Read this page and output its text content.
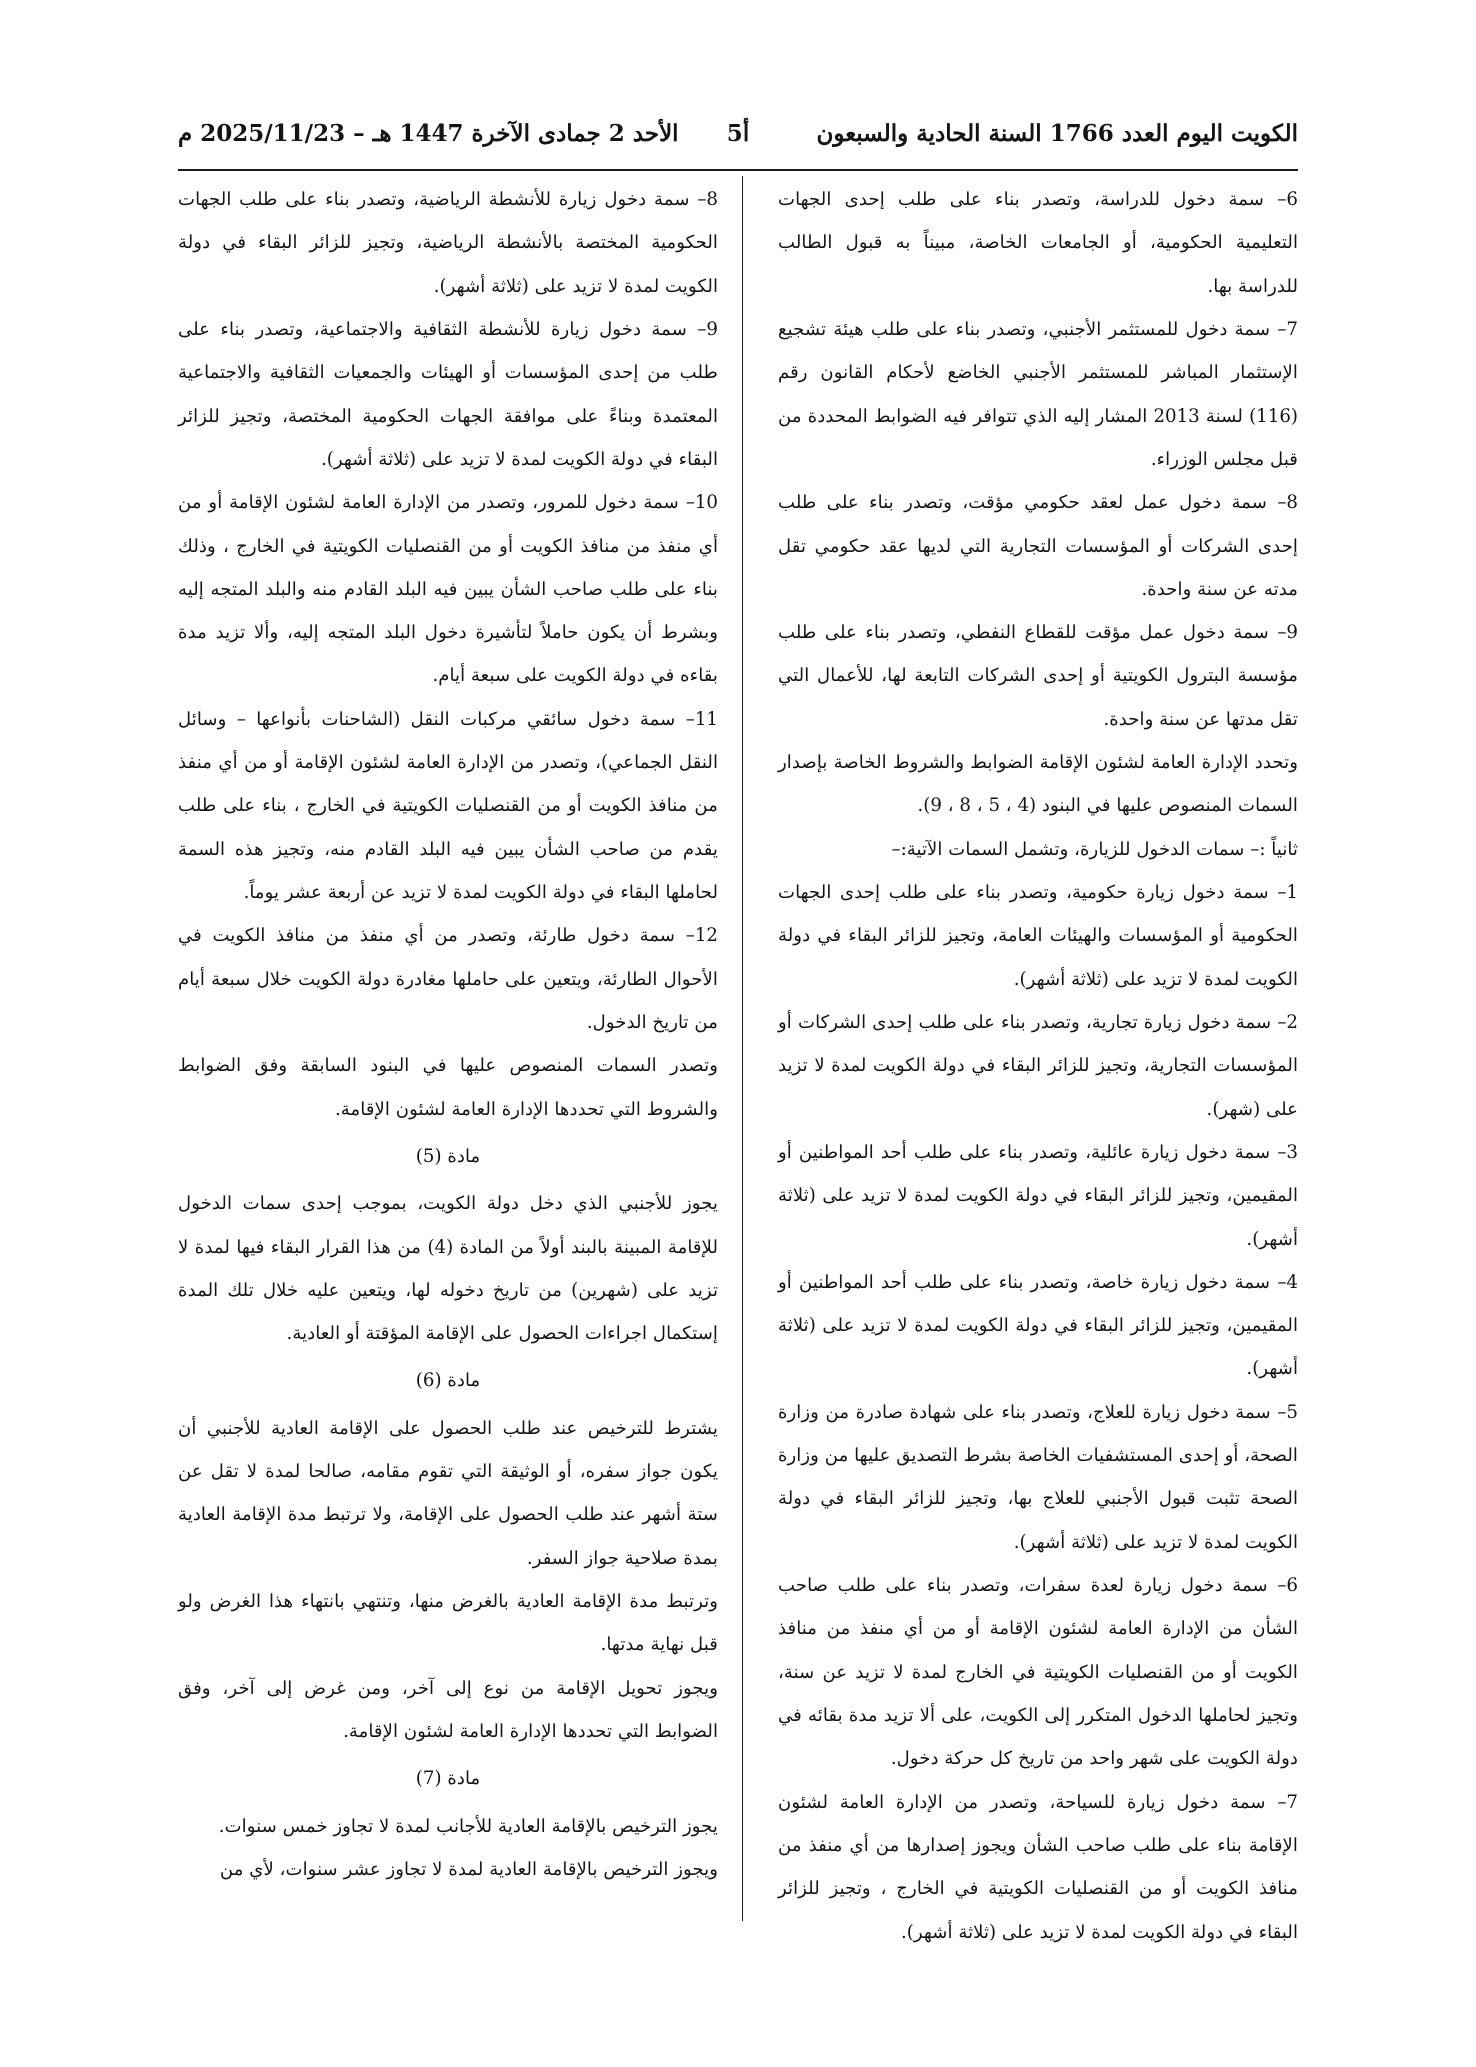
الكويت اليوم العدد 1766 السنة الحادية والسبعون
أ5
الأحد 2 جمادى الآخرة 1447 هـ – 2025/11/23 م

6– سمة دخول للدراسة، وتصدر بناء على طلب إحدى الجهات التعليمية الحكومية، أو الجامعات الخاصة، مبيناً به قبول الطالب للدراسة بها.

7– سمة دخول للمستثمر الأجنبي، وتصدر بناء على طلب هيئة تشجيع الإستثمار المباشر للمستثمر الأجنبي الخاضع لأحكام القانون رقم (116) لسنة 2013 المشار إليه الذي تتوافر فيه الضوابط المحددة من قبل مجلس الوزراء.

8– سمة دخول عمل لعقد حكومي مؤقت، وتصدر بناء على طلب إحدى الشركات أو المؤسسات التجارية التي لديها عقد حكومي تقل مدته عن سنة واحدة.

9– سمة دخول عمل مؤقت للقطاع النفطي، وتصدر بناء على طلب مؤسسة البترول الكويتية أو إحدى الشركات التابعة لها، للأعمال التي تقل مدتها عن سنة واحدة.

وتحدد الإدارة العامة لشئون الإقامة الضوابط والشروط الخاصة بإصدار السمات المنصوص عليها في البنود (4 ، 5 ، 8 ، 9).

ثانياً :– سمات الدخول للزيارة، وتشمل السمات الآتية:–

1– سمة دخول زيارة حكومية، وتصدر بناء على طلب إحدى الجهات الحكومية أو المؤسسات والهيئات العامة، وتجيز للزائر البقاء في دولة الكويت لمدة لا تزيد على (ثلاثة أشهر).

2– سمة دخول زيارة تجارية، وتصدر بناء على طلب إحدى الشركات أو المؤسسات التجارية، وتجيز للزائر البقاء في دولة الكويت لمدة لا تزيد على (شهر).

3– سمة دخول زيارة عائلية، وتصدر بناء على طلب أحد المواطنين أو المقيمين، وتجيز للزائر البقاء في دولة الكويت لمدة لا تزيد على (ثلاثة أشهر).

4– سمة دخول زيارة خاصة، وتصدر بناء على طلب أحد المواطنين أو المقيمين، وتجيز للزائر البقاء في دولة الكويت لمدة لا تزيد على (ثلاثة أشهر).

5– سمة دخول زيارة للعلاج، وتصدر بناء على شهادة صادرة من وزارة الصحة، أو إحدى المستشفيات الخاصة بشرط التصديق عليها من وزارة الصحة تثبت قبول الأجنبي للعلاج بها، وتجيز للزائر البقاء في دولة الكويت لمدة لا تزيد على (ثلاثة أشهر).

6– سمة دخول زيارة لعدة سفرات، وتصدر بناء على طلب صاحب الشأن من الإدارة العامة لشئون الإقامة أو من أي منفذ من منافذ الكويت أو من القنصليات الكويتية في الخارج لمدة لا تزيد عن سنة، وتجيز لحاملها الدخول المتكرر إلى الكويت، على ألا تزيد مدة بقائه في دولة الكويت على شهر واحد من تاريخ كل حركة دخول.

7– سمة دخول زيارة للسياحة، وتصدر من الإدارة العامة لشئون الإقامة بناء على طلب صاحب الشأن ويجوز إصدارها من أي منفذ من منافذ الكويت أو من القنصليات الكويتية في الخارج ، وتجيز للزائر البقاء في دولة الكويت لمدة لا تزيد على (ثلاثة أشهر).

8– سمة دخول زيارة للأنشطة الرياضية، وتصدر بناء على طلب الجهات الحكومية المختصة بالأنشطة الرياضية، وتجيز للزائر البقاء في دولة الكويت لمدة لا تزيد على (ثلاثة أشهر).

9– سمة دخول زيارة للأنشطة الثقافية والاجتماعية، وتصدر بناء على طلب من إحدى المؤسسات أو الهيئات والجمعيات الثقافية والاجتماعية المعتمدة وبناءً على موافقة الجهات الحكومية المختصة، وتجيز للزائر البقاء في دولة الكويت لمدة لا تزيد على (ثلاثة أشهر).

10– سمة دخول للمرور، وتصدر من الإدارة العامة لشئون الإقامة أو من أي منفذ من منافذ الكويت أو من القنصليات الكويتية في الخارج ، وذلك بناء على طلب صاحب الشأن يبين فيه البلد القادم منه والبلد المتجه إليه وبشرط أن يكون حاملاً لتأشيرة دخول البلد المتجه إليه، وألا تزيد مدة بقاءه في دولة الكويت على سبعة أيام.

11– سمة دخول سائقي مركبات النقل (الشاحنات بأنواعها – وسائل النقل الجماعي)، وتصدر من الإدارة العامة لشئون الإقامة أو من أي منفذ من منافذ الكويت أو من القنصليات الكويتية في الخارج ، بناء على طلب يقدم من صاحب الشأن يبين فيه البلد القادم منه، وتجيز هذه السمة لحاملها البقاء في دولة الكويت لمدة لا تزيد عن أربعة عشر يوماً.

12– سمة دخول طارئة، وتصدر من أي منفذ من منافذ الكويت في الأحوال الطارئة، ويتعين على حاملها مغادرة دولة الكويت خلال سبعة أيام من تاريخ الدخول.

وتصدر السمات المنصوص عليها في البنود السابقة وفق الضوابط والشروط التي تحددها الإدارة العامة لشئون الإقامة.

مادة (5)

يجوز للأجنبي الذي دخل دولة الكويت، بموجب إحدى سمات الدخول للإقامة المبينة بالبند أولاً من المادة (4) من هذا القرار البقاء فيها لمدة لا تزيد على (شهرين) من تاريخ دخوله لها، ويتعين عليه خلال تلك المدة إستكمال اجراءات الحصول على الإقامة المؤقتة أو العادية.

مادة (6)

يشترط للترخيص عند طلب الحصول على الإقامة العادية للأجنبي أن يكون جواز سفره، أو الوثيقة التي تقوم مقامه، صالحا لمدة لا تقل عن ستة أشهر عند طلب الحصول على الإقامة، ولا ترتبط مدة الإقامة العادية بمدة صلاحية جواز السفر.

وترتبط مدة الإقامة العادية بالغرض منها، وتنتهي بانتهاء هذا الغرض ولو قبل نهاية مدتها.

ويجوز تحويل الإقامة من نوع إلى آخر، ومن غرض إلى آخر، وفق الضوابط التي تحددها الإدارة العامة لشئون الإقامة.

مادة (7)

يجوز الترخيص بالإقامة العادية للأجانب لمدة لا تجاوز خمس سنوات.

ويجوز الترخيص بالإقامة العادية لمدة لا تجاوز عشر سنوات، لأي من
